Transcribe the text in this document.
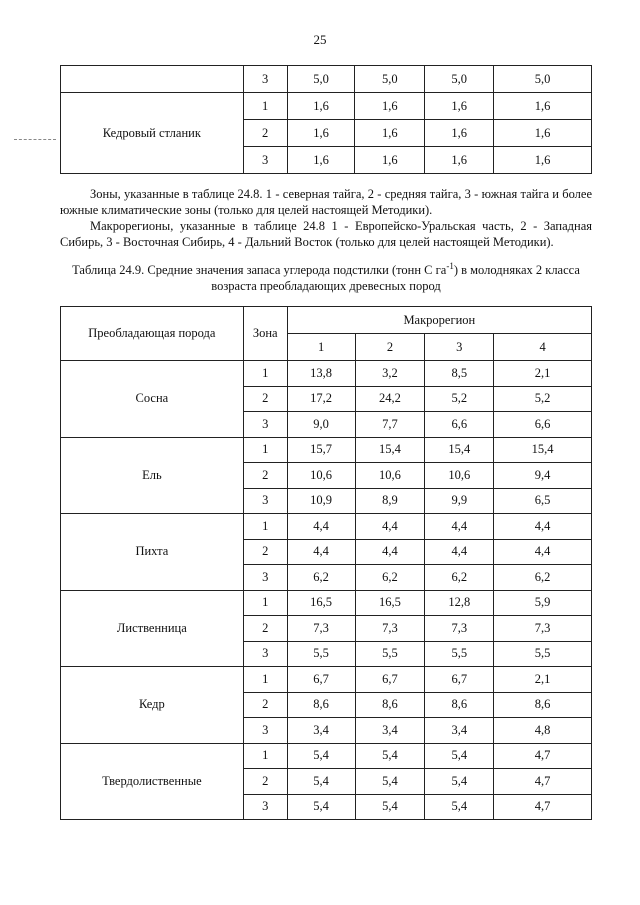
25
	3	5,0	5,0	5,0	5,0
Кедровый стланик	1	1,6	1,6	1,6	1,6
	2	1,6	1,6	1,6	1,6
	3	1,6	1,6	1,6	1,6
Зоны, указанные в таблице 24.8. 1 - северная тайга, 2 - средняя тайга, 3 - южная тайга и более южные климатические зоны (только для целей настоящей Методики).
Макрорегионы, указанные в таблице 24.8 1 - Европейско-Уральская часть, 2 - Западная Сибирь, 3 - Восточная Сибирь, 4 - Дальний Восток (только для целей настоящей Методики).
Таблица 24.9. Средние значения запаса углерода подстилки (тонн С $га^{-1}$) в молодняках 2 класса возраста преобладающих древесных пород
Преобладающая порода	Зона	Макрорегион			
		1	2	3	4
Сосна	1	13,8	3,2	8,5	2,1
	2	17,2	24,2	5,2	5,2
	3	9,0	7,7	6,6	6,6
Ель	1	15,7	15,4	15,4	15,4
	2	10,6	10,6	10,6	9,4
	3	10,9	8,9	9,9	6,5
Пихта	1	4,4	4,4	4,4	4,4
	2	4,4	4,4	4,4	4,4
	3	6,2	6,2	6,2	6,2
Лиственница	1	16,5	16,5	12,8	5,9
	2	7,3	7,3	7,3	7,3
	3	5,5	5,5	5,5	5,5
Кедр	1	6,7	6,7	6,7	2,1
	2	8,6	8,6	8,6	8,6
	3	3,4	3,4	3,4	4,8
Твердолиственные	1	5,4	5,4	5,4	4,7
	2	5,4	5,4	5,4	4,7
	3	5,4	5,4	5,4	4,7
